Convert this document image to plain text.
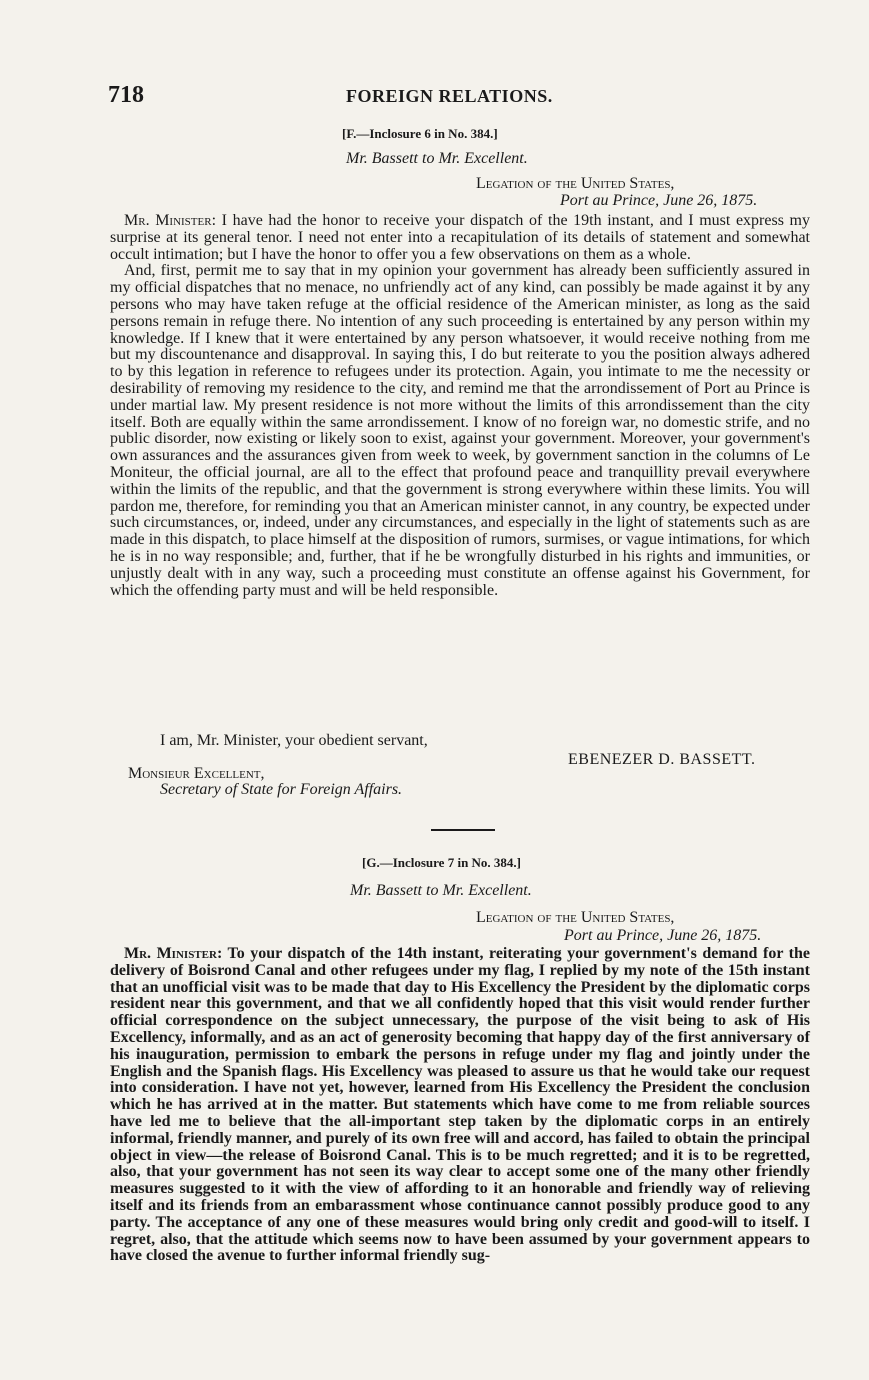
718	FOREIGN RELATIONS.
[F.—Inclosure 6 in No. 384.]
Mr. Bassett to Mr. Excellent.
Legation of the United States,
Port au Prince, June 26, 1875.

Mr. Minister: I have had the honor to receive your dispatch of the 19th instant, and I must express my surprise at its general tenor. I need not enter into a recapitulation of its details of statement and somewhat occult intimation; but I have the honor to offer you a few observations on them as a whole.

And, first, permit me to say that in my opinion your government has already been sufficiently assured in my official dispatches that no menace, no unfriendly act of any kind, can possibly be made against it by any persons who may have taken refuge at the official residence of the American minister, as long as the said persons remain in refuge there. No intention of any such proceeding is entertained by any person within my knowledge. If I knew that it were entertained by any person whatsoever, it would receive nothing from me but my discountenance and disapproval. In saying this, I do but reiterate to you the position always adhered to by this legation in reference to refugees under its protection. Again, you intimate to me the necessity or desirability of removing my residence to the city, and remind me that the arrondissement of Port au Prince is under martial law. My present residence is not more without the limits of this arrondissement than the city itself. Both are equally within the same arrondissement. I know of no foreign war, no domestic strife, and no public disorder, now existing or likely soon to exist, against your government. Moreover, your government's own assurances and the assurances given from week to week, by government sanction in the columns of Le Moniteur, the official journal, are all to the effect that profound peace and tranquillity prevail everywhere within the limits of the republic, and that the government is strong everywhere within these limits. You will pardon me, therefore, for reminding you that an American minister cannot, in any country, be expected under such circumstances, or, indeed, under any circumstances, and especially in the light of statements such as are made in this dispatch, to place himself at the disposition of rumors, surmises, or vague intimations, for which he is in no way responsible; and, further, that if he be wrongfully disturbed in his rights and immunities, or unjustly dealt with in any way, such a proceeding must constitute an offense against his Government, for which the offending party must and will be held responsible.

I am, Mr. Minister, your obedient servant,
EBENEZER D. BASSETT.
Monsieur Excellent,
Secretary of State for Foreign Affairs.
[G.—Inclosure 7 in No. 384.]
Mr. Bassett to Mr. Excellent.
Legation of the United States,
Port au Prince, June 26, 1875.

Mr. Minister: To your dispatch of the 14th instant, reiterating your government's demand for the delivery of Boisrond Canal and other refugees under my flag, I replied by my note of the 15th instant that an unofficial visit was to be made that day to His Excellency the President by the diplomatic corps resident near this government, and that we all confidently hoped that this visit would render further official correspondence on the subject unnecessary, the purpose of the visit being to ask of His Excellency, informally, and as an act of generosity becoming that happy day of the first anniversary of his inauguration, permission to embark the persons in refuge under my flag and jointly under the English and the Spanish flags. His Excellency was pleased to assure us that he would take our request into consideration. I have not yet, however, learned from His Excellency the President the conclusion which he has arrived at in the matter. But statements which have come to me from reliable sources have led me to believe that the all-important step taken by the diplomatic corps in an entirely informal, friendly manner, and purely of its own free will and accord, has failed to obtain the principal object in view—the release of Boisrond Canal. This is to be much regretted; and it is to be regretted, also, that your government has not seen its way clear to accept some one of the many other friendly measures suggested to it with the view of affording to it an honorable and friendly way of relieving itself and its friends from an embarassment whose continuance cannot possibly produce good to any party. The acceptance of any one of these measures would bring only credit and good-will to itself. I regret, also, that the attitude which seems now to have been assumed by your government appears to have closed the avenue to further informal friendly sug-
